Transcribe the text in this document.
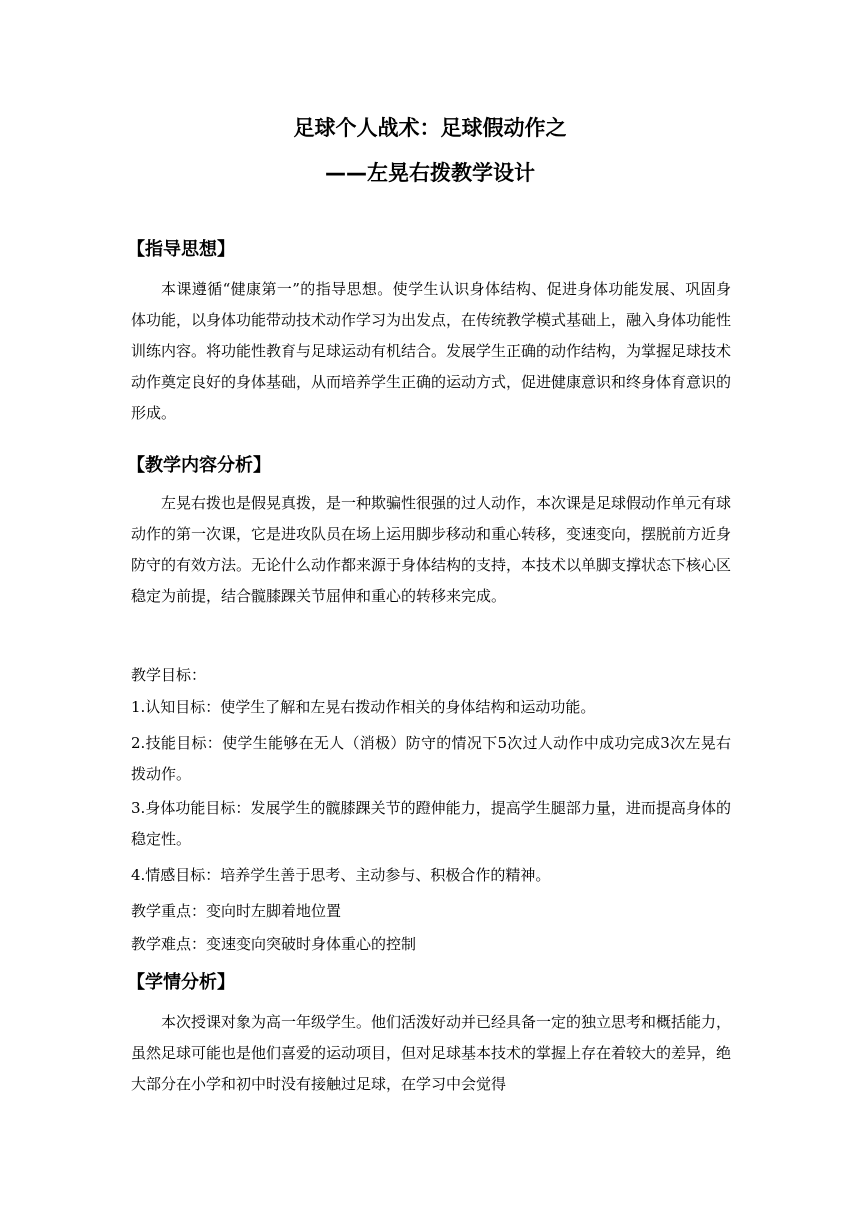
足球个人战术：足球假动作之
——左晃右拨教学设计
【指导思想】

本课遵循“健康第一”的指导思想。使学生认识身体结构、促进身体功能发展、巩固身体功能，以身体功能带动技术动作学习为出发点，在传统教学模式基础上，融入身体功能性训练内容。将功能性教育与足球运动有机结合。发展学生正确的动作结构，为掌握足球技术动作奠定良好的身体基础，从而培养学生正确的运动方式，促进健康意识和终身体育意识的形成。

【教学内容分析】

左晃右拨也是假晃真拨，是一种欺骗性很强的过人动作，本次课是足球假动作单元有球动作的第一次课，它是进攻队员在场上运用脚步移动和重心转移，变速变向，摆脱前方近身防守的有效方法。无论什么动作都来源于身体结构的支持，本技术以单脚支撑状态下核心区稳定为前提，结合髋膝踝关节屈伸和重心的转移来完成。

教学目标：

1.认知目标：使学生了解和左晃右拨动作相关的身体结构和运动功能。

2.技能目标：使学生能够在无人（消极）防守的情况下5次过人动作中成功完成3次左晃右拨动作。

3.身体功能目标：发展学生的髋膝踝关节的蹬伸能力，提高学生腿部力量，进而提高身体的稳定性。

4.情感目标：培养学生善于思考、主动参与、积极合作的精神。

教学重点：变向时左脚着地位置

教学难点：变速变向突破时身体重心的控制

【学情分析】

本次授课对象为高一年级学生。他们活泼好动并已经具备一定的独立思考和概括能力，虽然足球可能也是他们喜爱的运动项目，但对足球基本技术的掌握上存在着较大的差异，绝大部分在小学和初中时没有接触过足球，在学习中会觉得
